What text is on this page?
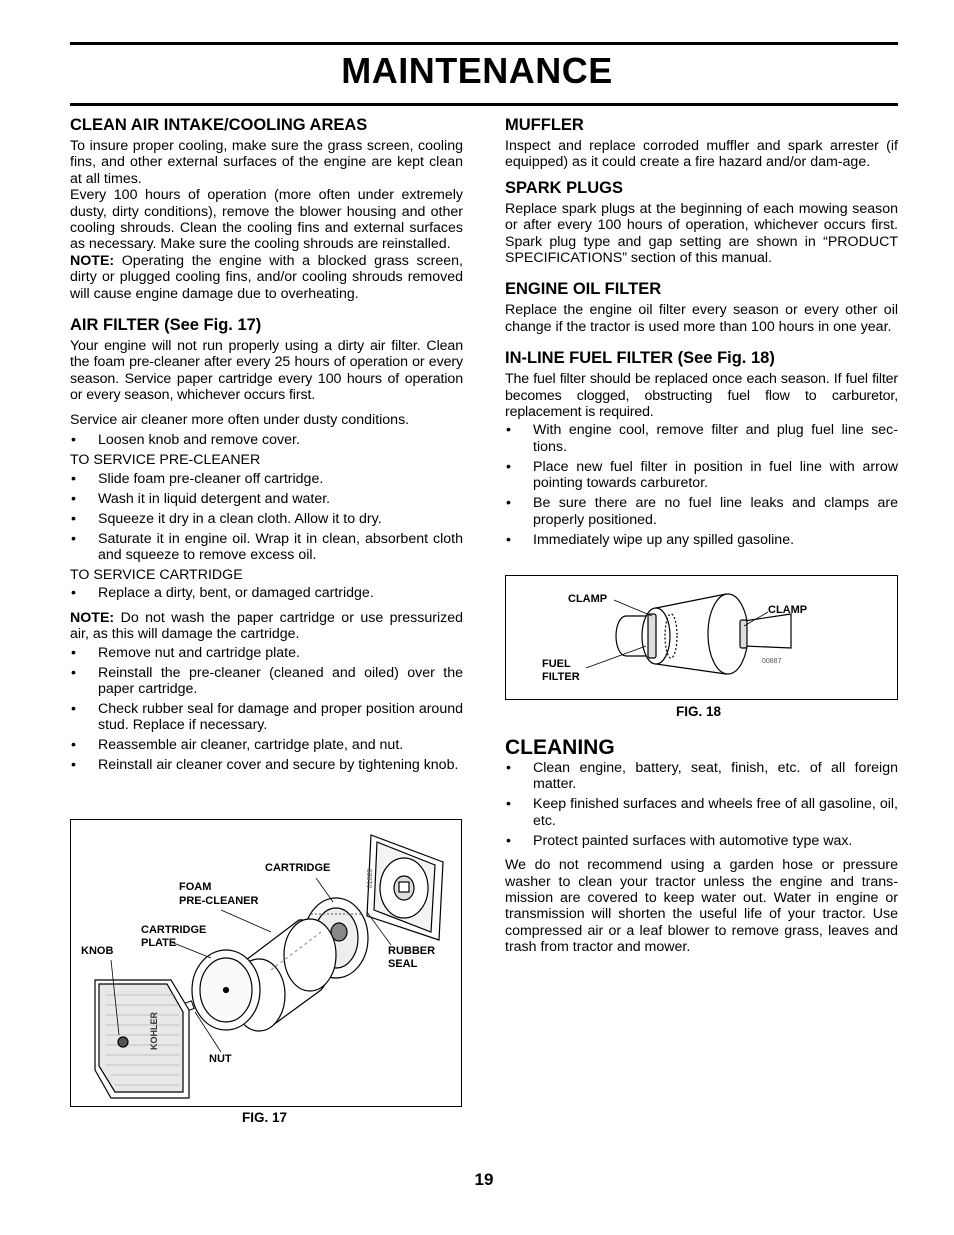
MAINTENANCE
CLEAN AIR INTAKE/COOLING AREAS

To insure proper cooling, make sure the grass screen, cooling fins, and other external surfaces of the engine are kept clean at all times.

Every 100 hours of operation (more often under extremely dusty, dirty conditions), remove the blower housing and other cooling shrouds. Clean the cooling fins and external surfaces as necessary. Make sure the cooling shrouds are reinstalled.

NOTE: Operating the engine with a blocked grass screen, dirty or plugged cooling fins, and/or cooling shrouds removed will cause engine damage due to overheating.

AIR FILTER (See Fig. 17)

Your engine will not run properly using a dirty air filter. Clean the foam pre-cleaner after every 25 hours of operation or every season. Service paper cartridge every 100 hours of operation or every season, whichever occurs first.

Service air cleaner more often under dusty conditions.

• Loosen knob and remove cover.
TO SERVICE PRE-CLEANER
• Slide foam pre-cleaner off cartridge.
• Wash it in liquid detergent and water.
• Squeeze it dry in a clean cloth. Allow it to dry.
• Saturate it in engine oil. Wrap it in clean, absorbent cloth and squeeze to remove excess oil.
TO SERVICE CARTRIDGE
• Replace a dirty, bent, or damaged cartridge.

NOTE: Do not wash the paper cartridge or use pressurized air, as this will damage the cartridge.

• Remove nut and cartridge plate.
• Reinstall the pre-cleaner (cleaned and oiled) over the paper cartridge.
• Check rubber seal for damage and proper position around stud. Replace if necessary.
• Reassemble air cleaner, cartridge plate, and nut.
• Reinstall air cleaner cover and secure by tightening knob.
CARTRIDGE
FOAM
PRE-CLEANER
CARTRIDGE
PLATE
KNOB	RUBBER
SEAL
NUT
01620
KOHLER
FIG. 17
MUFFLER

Inspect and replace corroded muffler and spark arrester (if equipped) as it could create a fire hazard and/or dam-age.

SPARK PLUGS

Replace spark plugs at the beginning of each mowing season or after every 100 hours of operation, whichever occurs first. Spark plug type and gap setting are shown in “PRODUCT SPECIFICATIONS” section of this manual.

ENGINE OIL FILTER

Replace the engine oil filter every season or every other oil change if the tractor is used more than 100 hours in one year.

IN-LINE FUEL FILTER (See Fig. 18)

The fuel filter should be replaced once each season. If fuel filter becomes clogged, obstructing fuel flow to carburetor, replacement is required.

• With engine cool, remove filter and plug fuel line sec-tions.
• Place new fuel filter in position in fuel line with arrow pointing towards carburetor.
• Be sure there are no fuel line leaks and clamps are properly positioned.
• Immediately wipe up any spilled gasoline.
CLAMP
CLAMP
FUEL
FILTER
00887
FIG. 18
CLEANING
• Clean engine, battery, seat, finish, etc. of all foreign matter.
• Keep finished surfaces and wheels free of all gasoline, oil, etc.
• Protect painted surfaces with automotive type wax.

We do not recommend using a garden hose or pressure washer to clean your tractor unless the engine and trans-mission are covered to keep water out. Water in engine or transmission will shorten the useful life of your tractor. Use compressed air or a leaf blower to remove grass, leaves and trash from tractor and mower.

19
